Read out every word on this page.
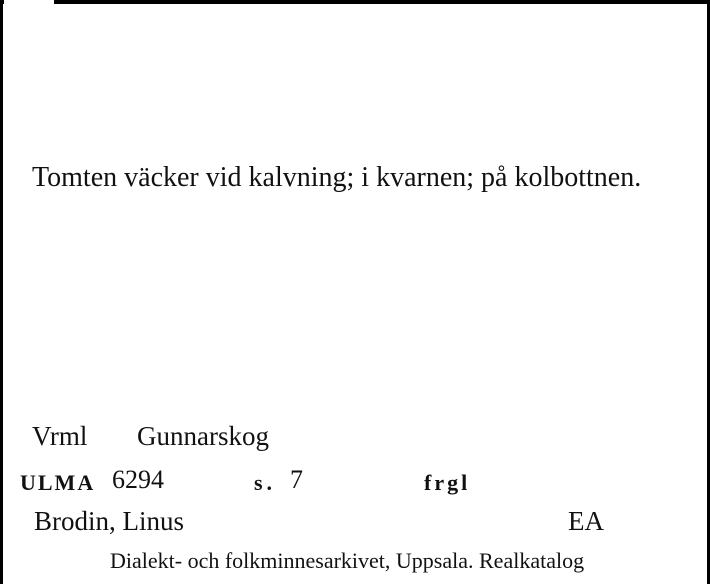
Tomten väcker vid kalvning; i kvarnen; på kolbottnen.
Vrml Gunnarskog
ULMA 6294	s. 7	frgl
Brodin, Linus	EA
Dialekt- och folkminnesarkivet, Uppsala. Realkatalog
